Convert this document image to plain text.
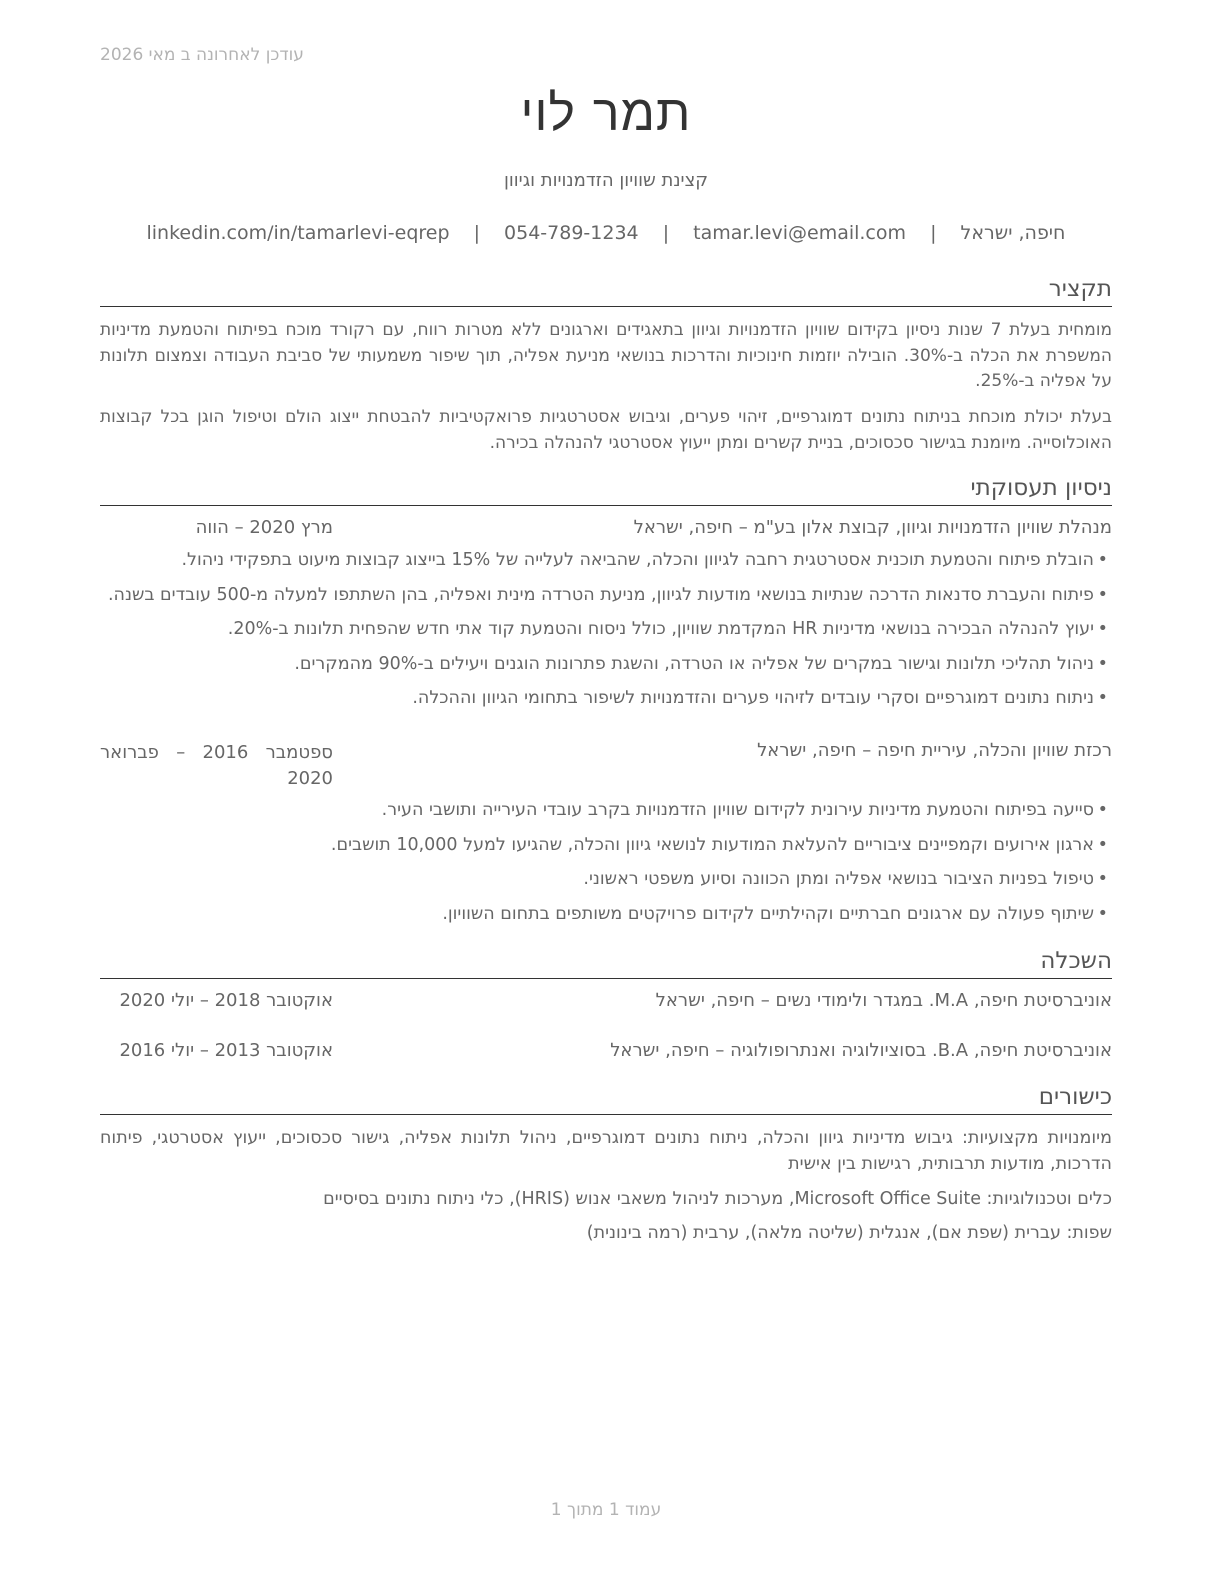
עודכן לאחרונה ב מאי 2026
תמר לוי
קצינת שוויון הזדמנויות וגיוון
חיפה, ישראל | tamar.levi@email.com | 054-789-1234 | linkedin.com/in/tamarlevi-eqrep
תקציר
מומחית בעלת 7 שנות ניסיון בקידום שוויון הזדמנויות וגיוון בתאגידים וארגונים ללא מטרות רווח, עם רקורד מוכח בפיתוח והטמעת מדיניות המשפרת את הכלה ב-30%. הובילה יוזמות חינוכיות והדרכות בנושאי מניעת אפליה, תוך שיפור משמעותי של סביבת העבודה וצמצום תלונות על אפליה ב-25%.
בעלת יכולת מוכחת בניתוח נתונים דמוגרפיים, זיהוי פערים, וגיבוש אסטרטגיות פרואקטיביות להבטחת ייצוג הולם וטיפול הוגן בכל קבוצות האוכלוסייה. מיומנת בגישור סכסוכים, בניית קשרים ומתן ייעוץ אסטרטגי להנהלה בכירה.
ניסיון תעסוקתי
מנהלת שוויון הזדמנויות וגיוון, קבוצת אלון בע"מ – חיפה, ישראל
מרץ 2020 – הווה
•
הובלת פיתוח והטמעת תוכנית אסטרטגית רחבה לגיוון והכלה, שהביאה לעלייה של 15% בייצוג קבוצות מיעוט בתפקידי ניהול.
•
פיתוח והעברת סדנאות הדרכה שנתיות בנושאי מודעות לגיוון, מניעת הטרדה מינית ואפליה, בהן השתתפו למעלה מ-500 עובדים בשנה.
•
יעוץ להנהלה הבכירה בנושאי מדיניות HR המקדמת שוויון, כולל ניסוח והטמעת קוד אתי חדש שהפחית תלונות ב-20%.
•
ניהול תהליכי תלונות וגישור במקרים של אפליה או הטרדה, והשגת פתרונות הוגנים ויעילים ב-90% מהמקרים.
•
ניתוח נתונים דמוגרפיים וסקרי עובדים לזיהוי פערים והזדמנויות לשיפור בתחומי הגיוון וההכלה.
רכזת שוויון והכלה, עיריית חיפה – חיפה, ישראל
ספטמבר 2016 – פברואר 2020
•
סייעה בפיתוח והטמעת מדיניות עירונית לקידום שוויון הזדמנויות בקרב עובדי העירייה ותושבי העיר.
•
ארגון אירועים וקמפיינים ציבוריים להעלאת המודעות לנושאי גיוון והכלה, שהגיעו למעל 10,000 תושבים.
•
טיפול בפניות הציבור בנושאי אפליה ומתן הכוונה וסיוע משפטי ראשוני.
•
שיתוף פעולה עם ארגונים חברתיים וקהילתיים לקידום פרויקטים משותפים בתחום השוויון.
השכלה
אוניברסיטת חיפה, M.A. במגדר ולימודי נשים – חיפה, ישראל
אוקטובר 2018 – יולי 2020
אוניברסיטת חיפה, B.A. בסוציולוגיה ואנתרופולוגיה – חיפה, ישראל
אוקטובר 2013 – יולי 2016
כישורים
מיומנויות מקצועיות: גיבוש מדיניות גיוון והכלה, ניתוח נתונים דמוגרפיים, ניהול תלונות אפליה, גישור סכסוכים, ייעוץ אסטרטגי, פיתוח הדרכות, מודעות תרבותית, רגישות בין אישית
כלים וטכנולוגיות: Microsoft Office Suite, מערכות לניהול משאבי אנוש (HRIS), כלי ניתוח נתונים בסיסיים
שפות: עברית (שפת אם), אנגלית (שליטה מלאה), ערבית (רמה בינונית)
עמוד 1 מתוך 1
